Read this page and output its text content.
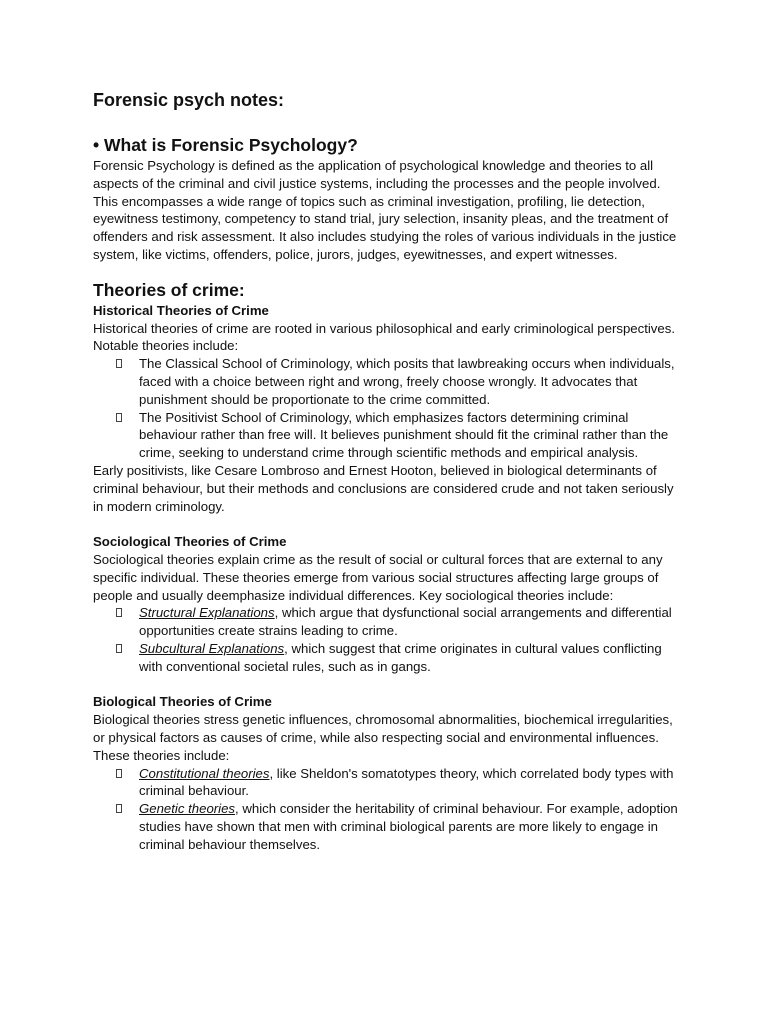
Forensic psych notes:
• What is Forensic Psychology?

Forensic Psychology is defined as the application of psychological knowledge and theories to all aspects of the criminal and civil justice systems, including the processes and the people involved. This encompasses a wide range of topics such as criminal investigation, profiling, lie detection, eyewitness testimony, competency to stand trial, jury selection, insanity pleas, and the treatment of offenders and risk assessment. It also includes studying the roles of various individuals in the justice system, like victims, offenders, police, jurors, judges, eyewitnesses, and expert witnesses.

Theories of crime:
Historical Theories of Crime

Historical theories of crime are rooted in various philosophical and early criminological perspectives. Notable theories include:

The Classical School of Criminology, which posits that lawbreaking occurs when individuals, faced with a choice between right and wrong, freely choose wrongly. It advocates that punishment should be proportionate to the crime committed.
The Positivist School of Criminology, which emphasizes factors determining criminal behaviour rather than free will. It believes punishment should fit the criminal rather than the crime, seeking to understand crime through scientific methods and empirical analysis.

Early positivists, like Cesare Lombroso and Ernest Hooton, believed in biological determinants of criminal behaviour, but their methods and conclusions are considered crude and not taken seriously in modern criminology.

Sociological Theories of Crime

Sociological theories explain crime as the result of social or cultural forces that are external to any specific individual. These theories emerge from various social structures affecting large groups of people and usually deemphasize individual differences. Key sociological theories include:

Structural Explanations, which argue that dysfunctional social arrangements and differential opportunities create strains leading to crime.
Subcultural Explanations, which suggest that crime originates in cultural values conflicting with conventional societal rules, such as in gangs.
Biological Theories of Crime

Biological theories stress genetic influences, chromosomal abnormalities, biochemical irregularities, or physical factors as causes of crime, while also respecting social and environmental influences. These theories include:

Constitutional theories, like Sheldon's somatotypes theory, which correlated body types with criminal behaviour.
Genetic theories, which consider the heritability of criminal behaviour. For example, adoption studies have shown that men with criminal biological parents are more likely to engage in criminal behaviour themselves.
